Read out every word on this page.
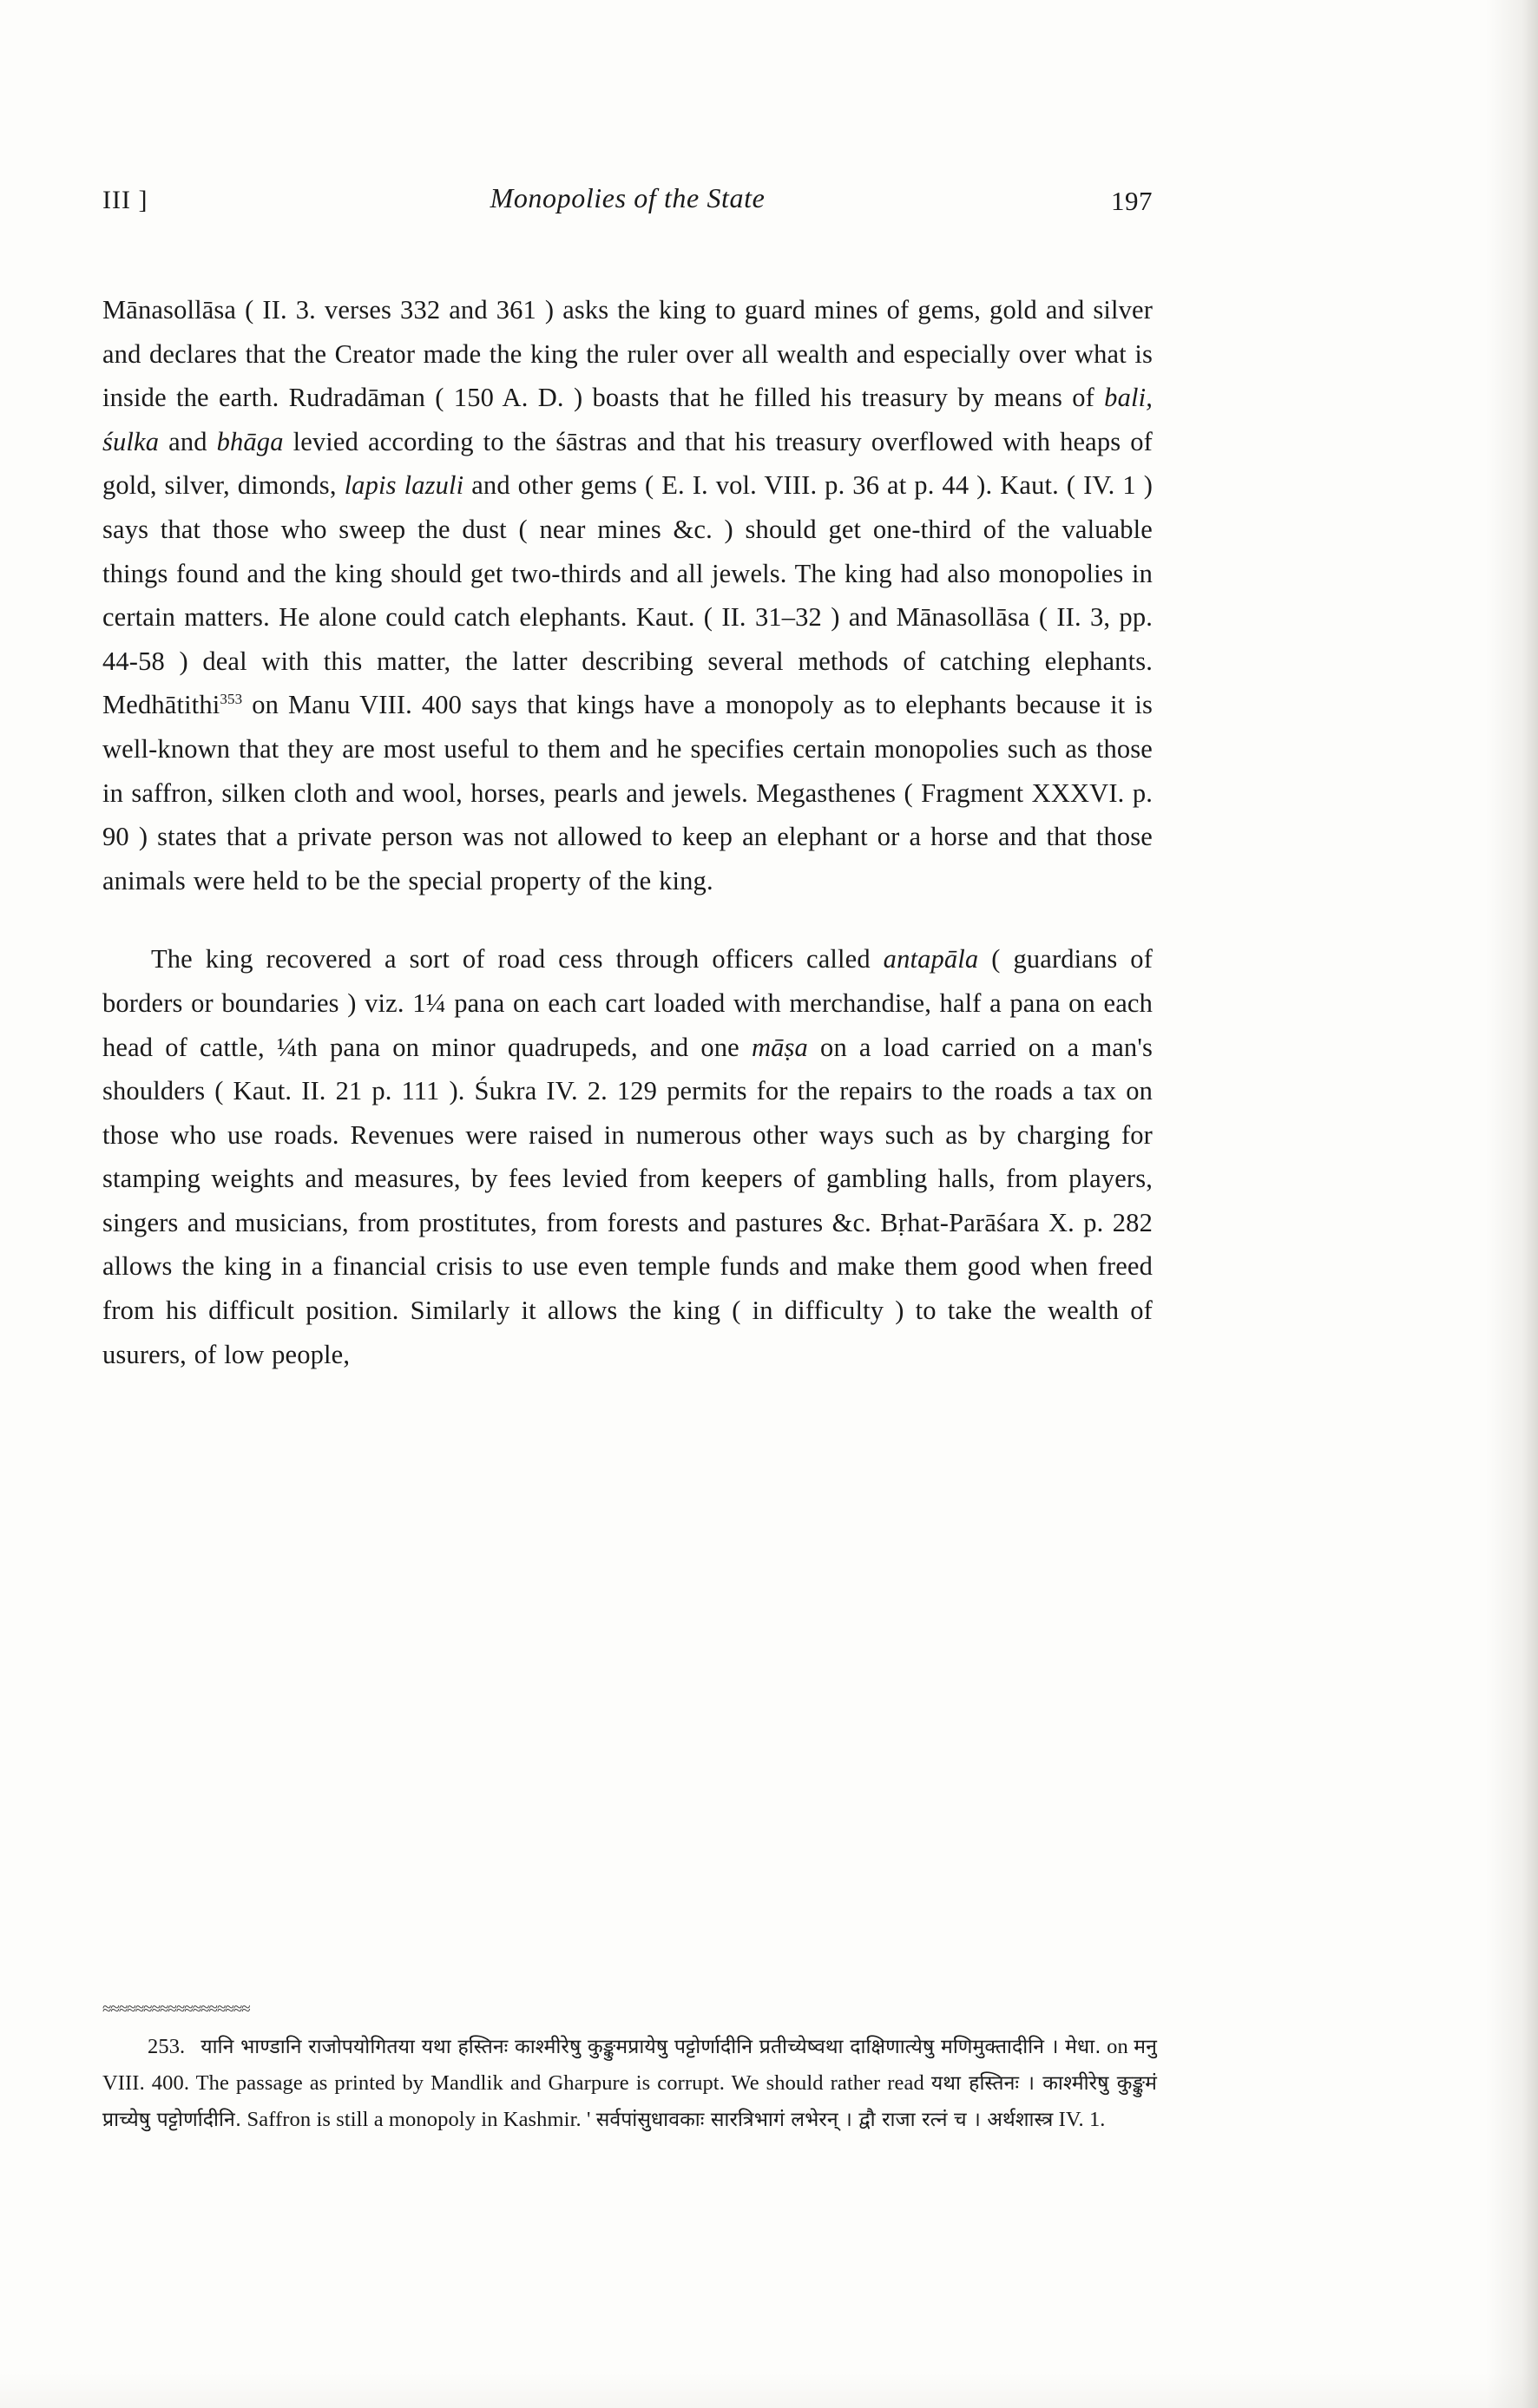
III ]	Monopolies of the State	197

Mānasollāsa ( II. 3. verses 332 and 361 ) asks the king to guard mines of gems, gold and silver and declares that the Creator made the king the ruler over all wealth and especially over what is inside the earth. Rudradāman ( 150 A. D. ) boasts that he filled his treasury by means of bali, śulka and bhāga levied according to the śāstras and that his treasury overflowed with heaps of gold, silver, dimonds, lapis lazuli and other gems ( E. I. vol. VIII. p. 36 at p. 44 ). Kaut. ( IV. 1 ) says that those who sweep the dust ( near mines &c. ) should get one-third of the valuable things found and the king should get two-thirds and all jewels. The king had also monopolies in certain matters. He alone could catch elephants. Kaut. ( II. 31–32 ) and Mānasollāsa ( II. 3, pp. 44-58 ) deal with this matter, the latter describing several methods of catching elephants. Medhātithi$^{353}$ on Manu VIII. 400 says that kings have a monopoly as to elephants because it is well-known that they are most useful to them and he specifies certain monopolies such as those in saffron, silken cloth and wool, horses, pearls and jewels. Megasthenes ( Fragment XXXVI. p. 90 ) states that a private person was not allowed to keep an elephant or a horse and that those animals were held to be the special property of the king.

The king recovered a sort of road cess through officers called antapāla ( guardians of borders or boundaries ) viz. 1¼ pana on each cart loaded with merchandise, half a pana on each head of cattle, ¼th pana on minor quadrupeds, and one māṣa on a load carried on a man's shoulders ( Kaut. II. 21 p. 111 ). Śukra IV. 2. 129 permits for the repairs to the roads a tax on those who use roads. Revenues were raised in numerous other ways such as by charging for stamping weights and measures, by fees levied from keepers of gambling halls, from players, singers and musicians, from prostitutes, from forests and pastures &c. Bṛhat-Parāśara X. p. 282 allows the king in a financial crisis to use even temple funds and make them good when freed from his difficult position. Similarly it allows the king ( in difficulty ) to take the wealth of usurers, of low people,

≈≈≈≈≈≈≈≈≈≈≈≈≈≈≈≈≈≈

253. यानि भाण्डानि राजोपयोगितया यथा हस्तिनः काश्मीरेषु कुङ्कुमप्रायेषु पट्टोर्णादीनि प्रतीच्येष्वथा दाक्षिणात्येषु मणिमुक्तादीनि । मेधा. on मनु VIII. 400. The passage as printed by Mandlik and Gharpure is corrupt. We should rather read यथा हस्तिनः । काश्मीरेषु कुङ्कुमं प्राच्येषु पट्टोर्णादीनि. Saffron is still a monopoly in Kashmir. ' सर्वपांसुधावकाः सारत्रिभागं लभेरन् । द्वौ राजा रत्नं च । अर्थशास्त्र IV. 1.
